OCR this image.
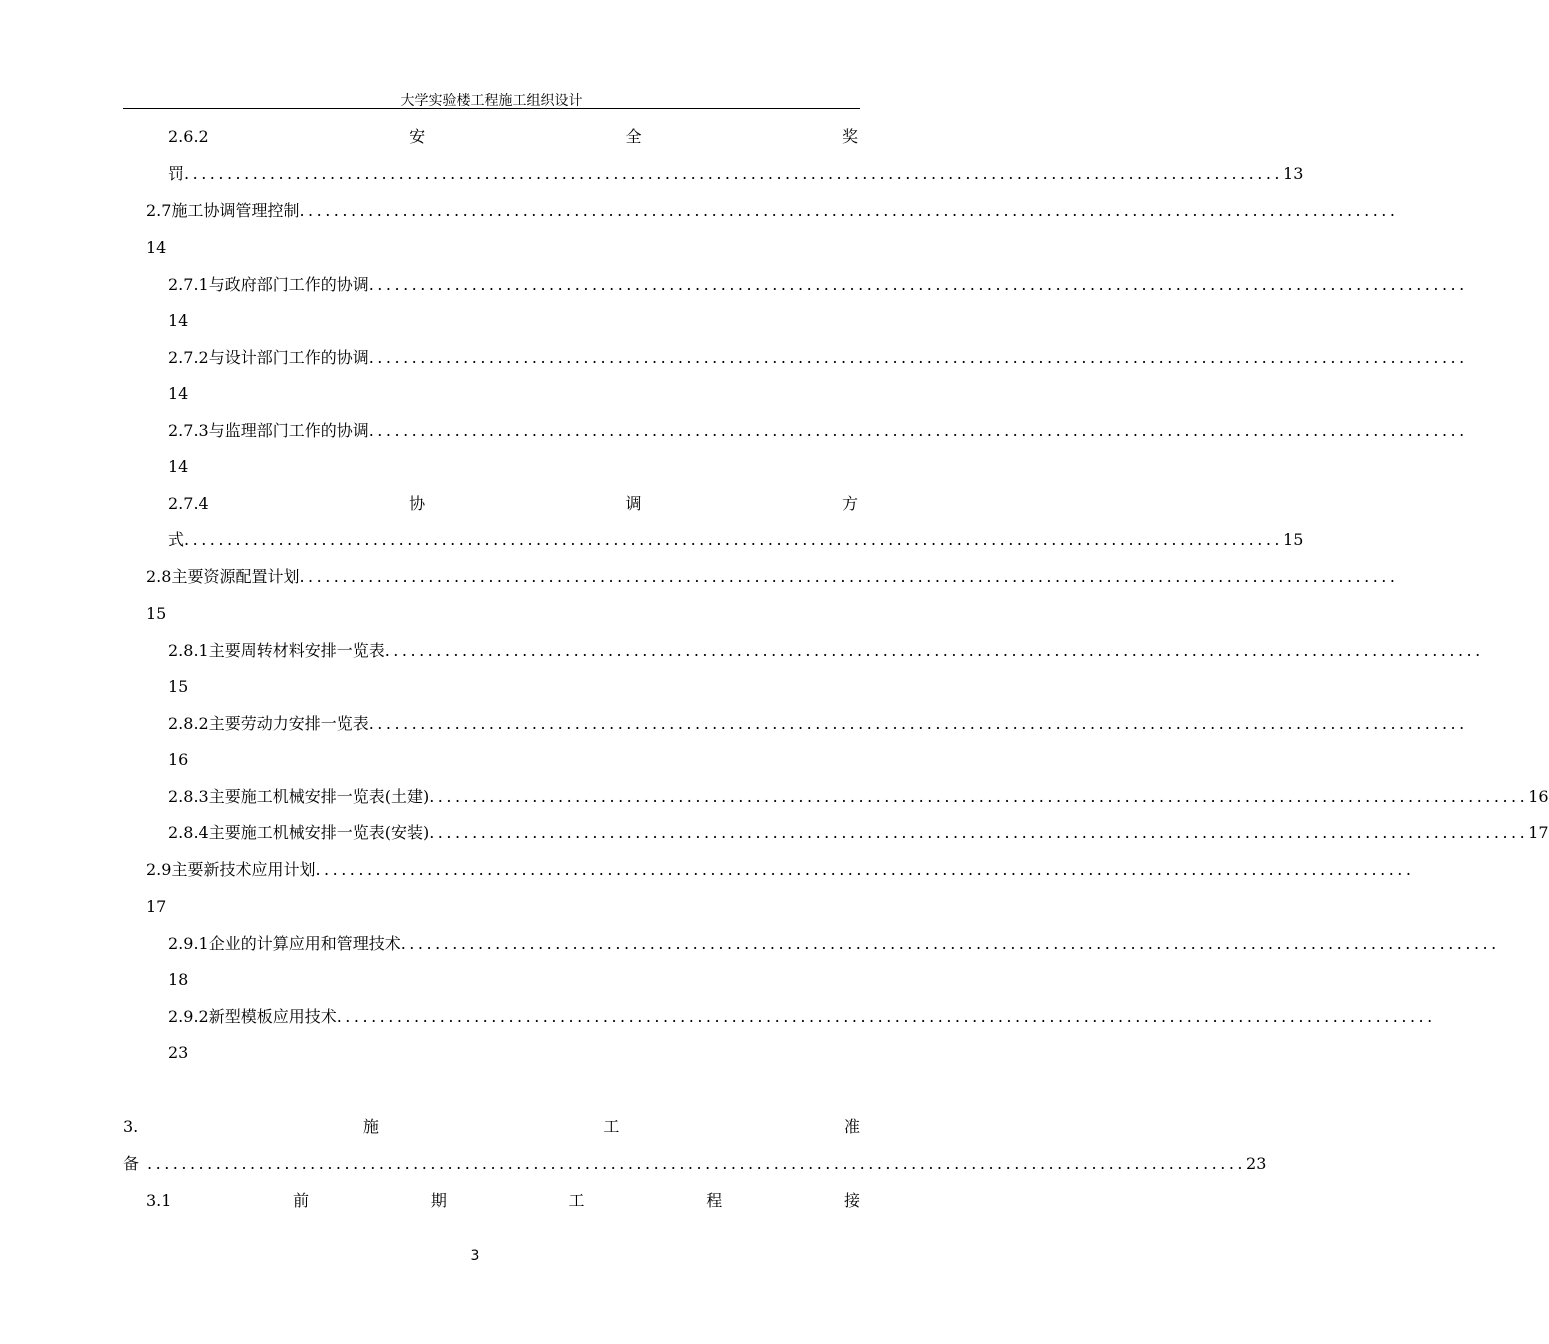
大学实验楼工程施工组织设计
2.6.2	安	全	奖
罚 ................................................................................................................................ 13
2.7施工协调管理控制 ................................................................................................................................
14
2.7.1与政府部门工作的协调 ................................................................................................................................
14
2.7.2与设计部门工作的协调 ................................................................................................................................
14
2.7.3与监理部门工作的协调 ................................................................................................................................
14
2.7.4	协	调	方
式 ................................................................................................................................ 15
2.8主要资源配置计划 ................................................................................................................................
15
2.8.1主要周转材料安排一览表 ................................................................................................................................
15
2.8.2主要劳动力安排一览表 ................................................................................................................................
16
2.8.3主要施工机械安排一览表(土建) ................................................................................................................................ 16
2.8.4主要施工机械安排一览表(安装) ................................................................................................................................ 17
2.9主要新技术应用计划 ................................................................................................................................
17
2.9.1企业的计算应用和管理技术 ................................................................................................................................
18
2.9.2新型模板应用技术 ................................................................................................................................
23
3.	施	工	准
备 ................................................................................................................................ 23
3.1	前	期	工	程	接
3
